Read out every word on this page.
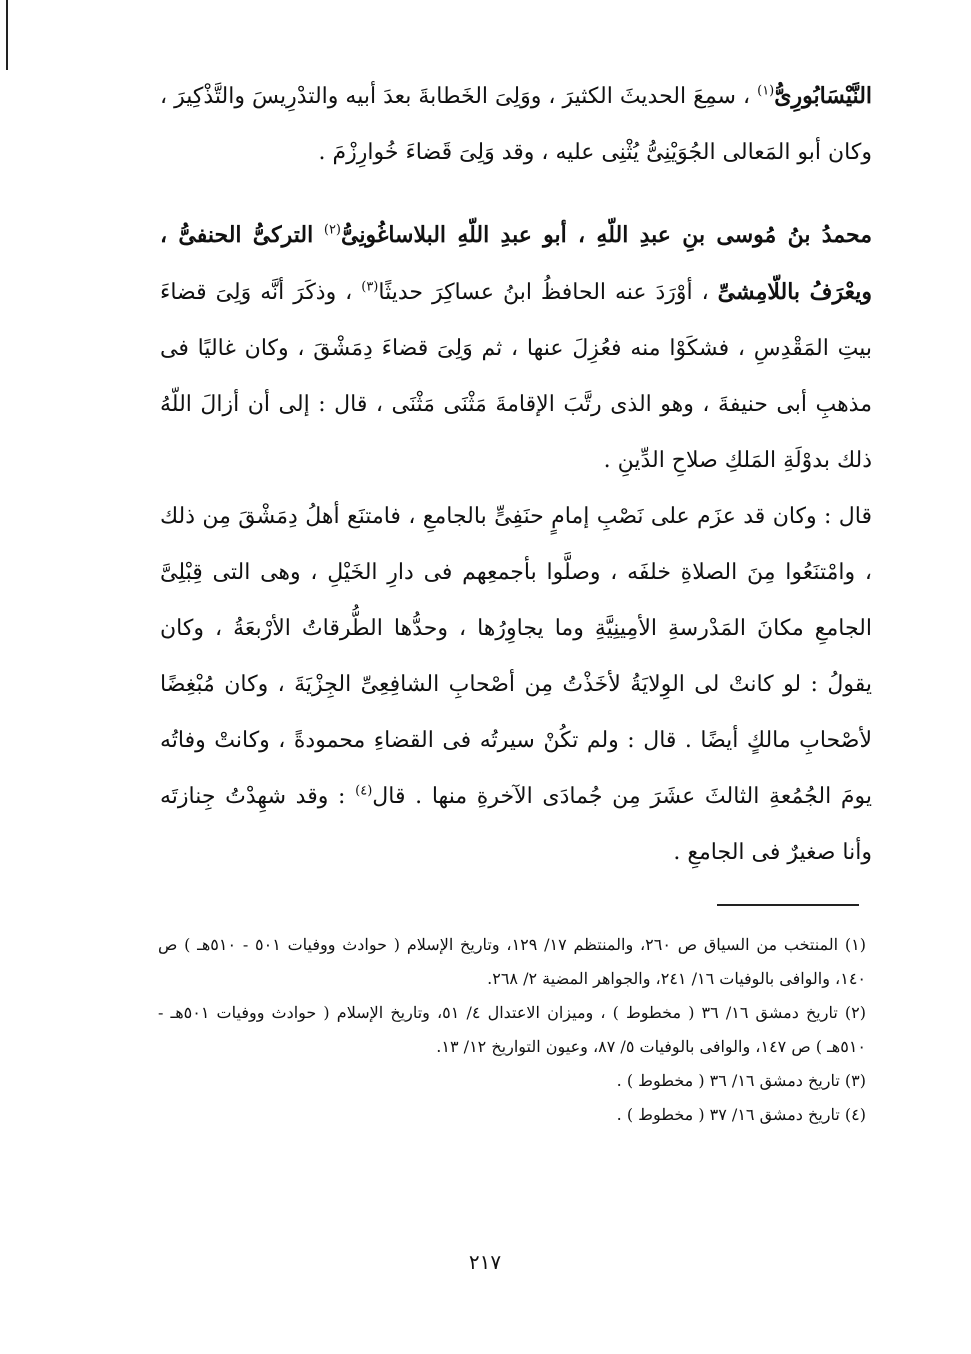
النَّيْسَابُورِىُّ$^{(١)}$ ، سمِعَ الحديثَ الكثيرَ ، ووَلِىَ الخَطابةَ بعدَ أبيه والتدْرِيسَ والتَّذْكِيرَ ، وكان أبو المَعالى الجُوَيْنِىُّ يُثْنِى عليه ، وقد وَلِىَ قَضاءَ خُوارِزْمَ .

محمدُ بنُ مُوسى بنِ عبدِ اللّهِ ، أبو عبدِ اللّهِ البلاساغُونِىُّ$^{(٢)}$ التركىُّ الحنفىُّ ، ويعْرَفُ باللّامِشىِّ ، أوْرَدَ عنه الحافظُ ابنُ عساكِرَ حديثًا$^{(٣)}$ ، وذكَرَ أنَّه وَلِىَ قضاءَ بيتِ المَقْدِسِ ، فشكَوْا منه فعُزِلَ عنها ، ثم وَلِىَ قضاءَ دِمَشْقَ ، وكان غاليًا فى مذهبِ أبى حنيفةَ ، وهو الذى رتَّبَ الإقامةَ مَثْنَى مَثْنَى ، قال : إلى أن أزالَ اللّهُ ذلك بدوْلَةِ المَلكِ صلاحِ الدِّينِ .

قال : وكان قد عزَم على نَصْبِ إمامٍ حنَفِىٍّ بالجامعِ ، فامتنَع أهلُ دِمَشْقَ مِن ذلك ، وامْتنَعُوا مِنَ الصلاةِ خلفَه ، وصلَّوا بأجمعِهم فى دارِ الخَيْلِ ، وهى التى قِبْلِىَّ الجامعِ مكانَ المَدْرسةِ الأمِينِيَّةِ وما يجاوِرُها ، وحدُّها الطُّرقاتُ الأرْبعَةُ ، وكان يقولُ : لو كانتْ لى الوِلايَةُ لأخَذْتُ مِن أصْحابِ الشافِعِىِّ الجِزْيَةَ ، وكان مُبْغِضًا لأصْحابِ مالكٍ أيضًا . قال : ولم تكُنْ سيرتُه فى القضاءِ محمودةً ، وكانتْ وفاتُه يومَ الجُمُعةِ الثالثَ عشَرَ مِن جُمادَى الآخرةِ منها . قال$^{(٤)}$ : وقد شهِدْتُ جِنازتَه وأنا صغيرٌ فى الجامعِ .

(١) المنتخب من السياق ص ٢٦٠، والمنتظم ١٧/ ١٢٩، وتاريخ الإسلام ( حوادث ووفيات ٥٠١ - ٥١٠هـ ) ص ١٤٠، والوافى بالوفيات ١٦/ ٢٤١، والجواهر المضية ٢/ ٢٦٨.

(٢) تاريخ دمشق ١٦/ ٣٦ ( مخطوط ) ، وميزان الاعتدال ٤/ ٥١، وتاريخ الإسلام ( حوادث ووفيات ٥٠١هـ - ٥١٠هـ ) ص ١٤٧، والوافى بالوفيات ٥/ ٨٧، وعيون التواريخ ١٢/ ١٣.

(٣) تاريخ دمشق ١٦/ ٣٦ ( مخطوط ) .

(٤) تاريخ دمشق ١٦/ ٣٧ ( مخطوط ) .

٢١٧
